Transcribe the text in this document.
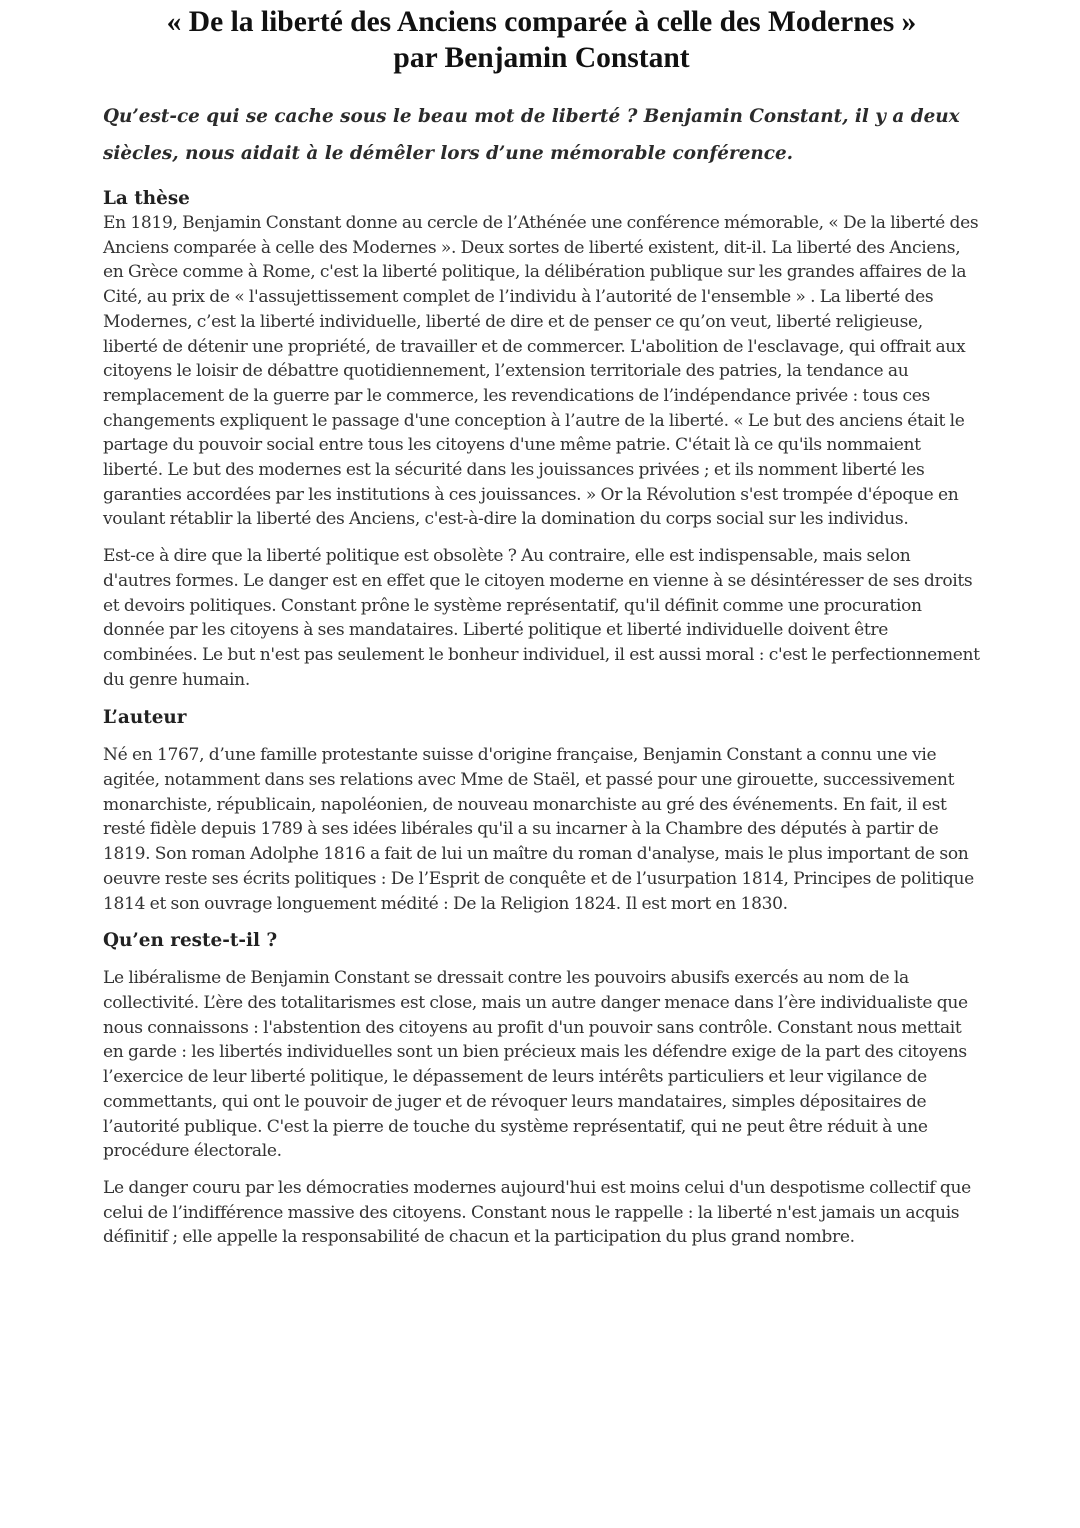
« De la liberté des Anciens comparée à celle des Modernes »
par Benjamin Constant
Qu’est-ce qui se cache sous le beau mot de liberté ? Benjamin Constant, il y a deux siècles, nous aidait à le démêler lors d’une mémorable conférence.
La thèse

En 1819, Benjamin Constant donne au cercle de l’Athénée une conférence mémorable, « De la liberté des Anciens comparée à celle des Modernes ». Deux sortes de liberté existent, dit-il. La liberté des Anciens, en Grèce comme à Rome, c'est la liberté politique, la délibération publique sur les grandes affaires de la Cité, au prix de « l'assujettissement complet de l’individu à l’autorité de l'ensemble » . La liberté des Modernes, c’est la liberté individuelle, liberté de dire et de penser ce qu’on veut, liberté religieuse, liberté de détenir une propriété, de travailler et de commercer. L'abolition de l'esclavage, qui offrait aux citoyens le loisir de débattre quotidiennement, l’extension territoriale des patries, la tendance au remplacement de la guerre par le commerce, les revendications de l’indépendance privée : tous ces changements expliquent le passage d'une conception à l’autre de la liberté. « Le but des anciens était le partage du pouvoir social entre tous les citoyens d'une même patrie. C'était là ce qu'ils nommaient liberté. Le but des modernes est la sécurité dans les jouissances privées ; et ils nomment liberté les garanties accordées par les institutions à ces jouissances. » Or la Révolution s'est trompée d'époque en voulant rétablir la liberté des Anciens, c'est-à-dire la domination du corps social sur les individus.

Est-ce à dire que la liberté politique est obsolète ? Au contraire, elle est indispensable, mais selon d'autres formes. Le danger est en effet que le citoyen moderne en vienne à se désintéresser de ses droits et devoirs politiques. Constant prône le système représentatif, qu'il définit comme une procuration donnée par les citoyens à ses mandataires. Liberté politique et liberté individuelle doivent être combinées. Le but n'est pas seulement le bonheur individuel, il est aussi moral : c'est le perfectionnement du genre humain.

L’auteur

Né en 1767, d’une famille protestante suisse d'origine française, Benjamin Constant a connu une vie agitée, notamment dans ses relations avec Mme de Staël, et passé pour une girouette, successivement monarchiste, républicain, napoléonien, de nouveau monarchiste au gré des événements. En fait, il est resté fidèle depuis 1789 à ses idées libérales qu'il a su incarner à la Chambre des députés à partir de 1819. Son roman Adolphe 1816 a fait de lui un maître du roman d'analyse, mais le plus important de son oeuvre reste ses écrits politiques : De l’Esprit de conquête et de l’usurpation 1814, Principes de politique 1814 et son ouvrage longuement médité : De la Religion 1824. Il est mort en 1830.

Qu’en reste-t-il ?

Le libéralisme de Benjamin Constant se dressait contre les pouvoirs abusifs exercés au nom de la collectivité. L’ère des totalitarismes est close, mais un autre danger menace dans l’ère individualiste que nous connaissons : l'abstention des citoyens au profit d'un pouvoir sans contrôle. Constant nous mettait en garde : les libertés individuelles sont un bien précieux mais les défendre exige de la part des citoyens l’exercice de leur liberté politique, le dépassement de leurs intérêts particuliers et leur vigilance de commettants, qui ont le pouvoir de juger et de révoquer leurs mandataires, simples dépositaires de l’autorité publique. C'est la pierre de touche du système représentatif, qui ne peut être réduit à une procédure électorale.

Le danger couru par les démocraties modernes aujourd'hui est moins celui d'un despotisme collectif que celui de l’indifférence massive des citoyens. Constant nous le rappelle : la liberté n'est jamais un acquis définitif ; elle appelle la responsabilité de chacun et la participation du plus grand nombre.
